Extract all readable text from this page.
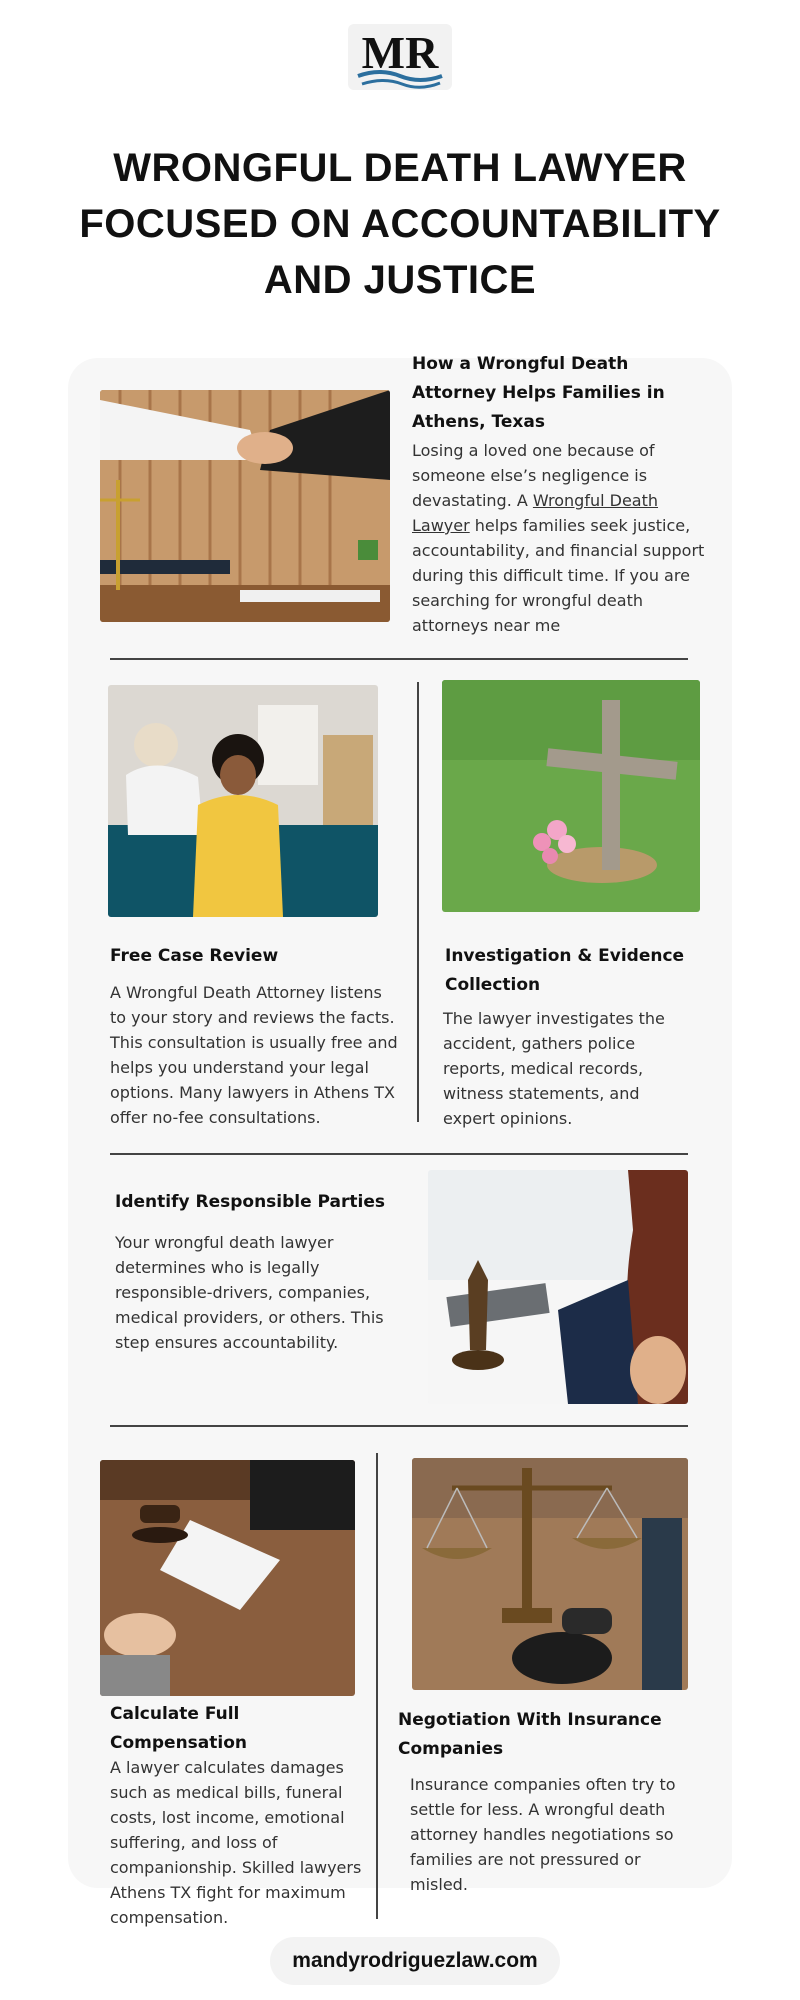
MR
WRONGFUL DEATH LAWYER FOCUSED ON ACCOUNTABILITY AND JUSTICE
How a Wrongful Death Attorney Helps Families in Athens, Texas
Losing a loved one because of someone else’s negligence is devastating. A Wrongful Death Lawyer helps families seek justice, accountability, and financial support during this difficult time. If you are searching for wrongful death attorneys near me
Free Case Review
A Wrongful Death Attorney listens to your story and reviews the facts. This consultation is usually free and helps you understand your legal options. Many lawyers in Athens TX offer no-fee consultations.
Investigation & Evidence Collection
The lawyer investigates the accident, gathers police reports, medical records, witness statements, and expert opinions.
Identify Responsible Parties
Your wrongful death lawyer determines who is legally responsible-drivers, companies, medical providers, or others. This step ensures accountability.
Calculate Full Compensation
A lawyer calculates damages such as medical bills, funeral costs, lost income, emotional suffering, and loss of companionship. Skilled lawyers Athens TX fight for maximum compensation.
Negotiation With Insurance Companies
Insurance companies often try to settle for less. A wrongful death attorney handles negotiations so families are not pressured or misled.
mandyrodriguezlaw.com
